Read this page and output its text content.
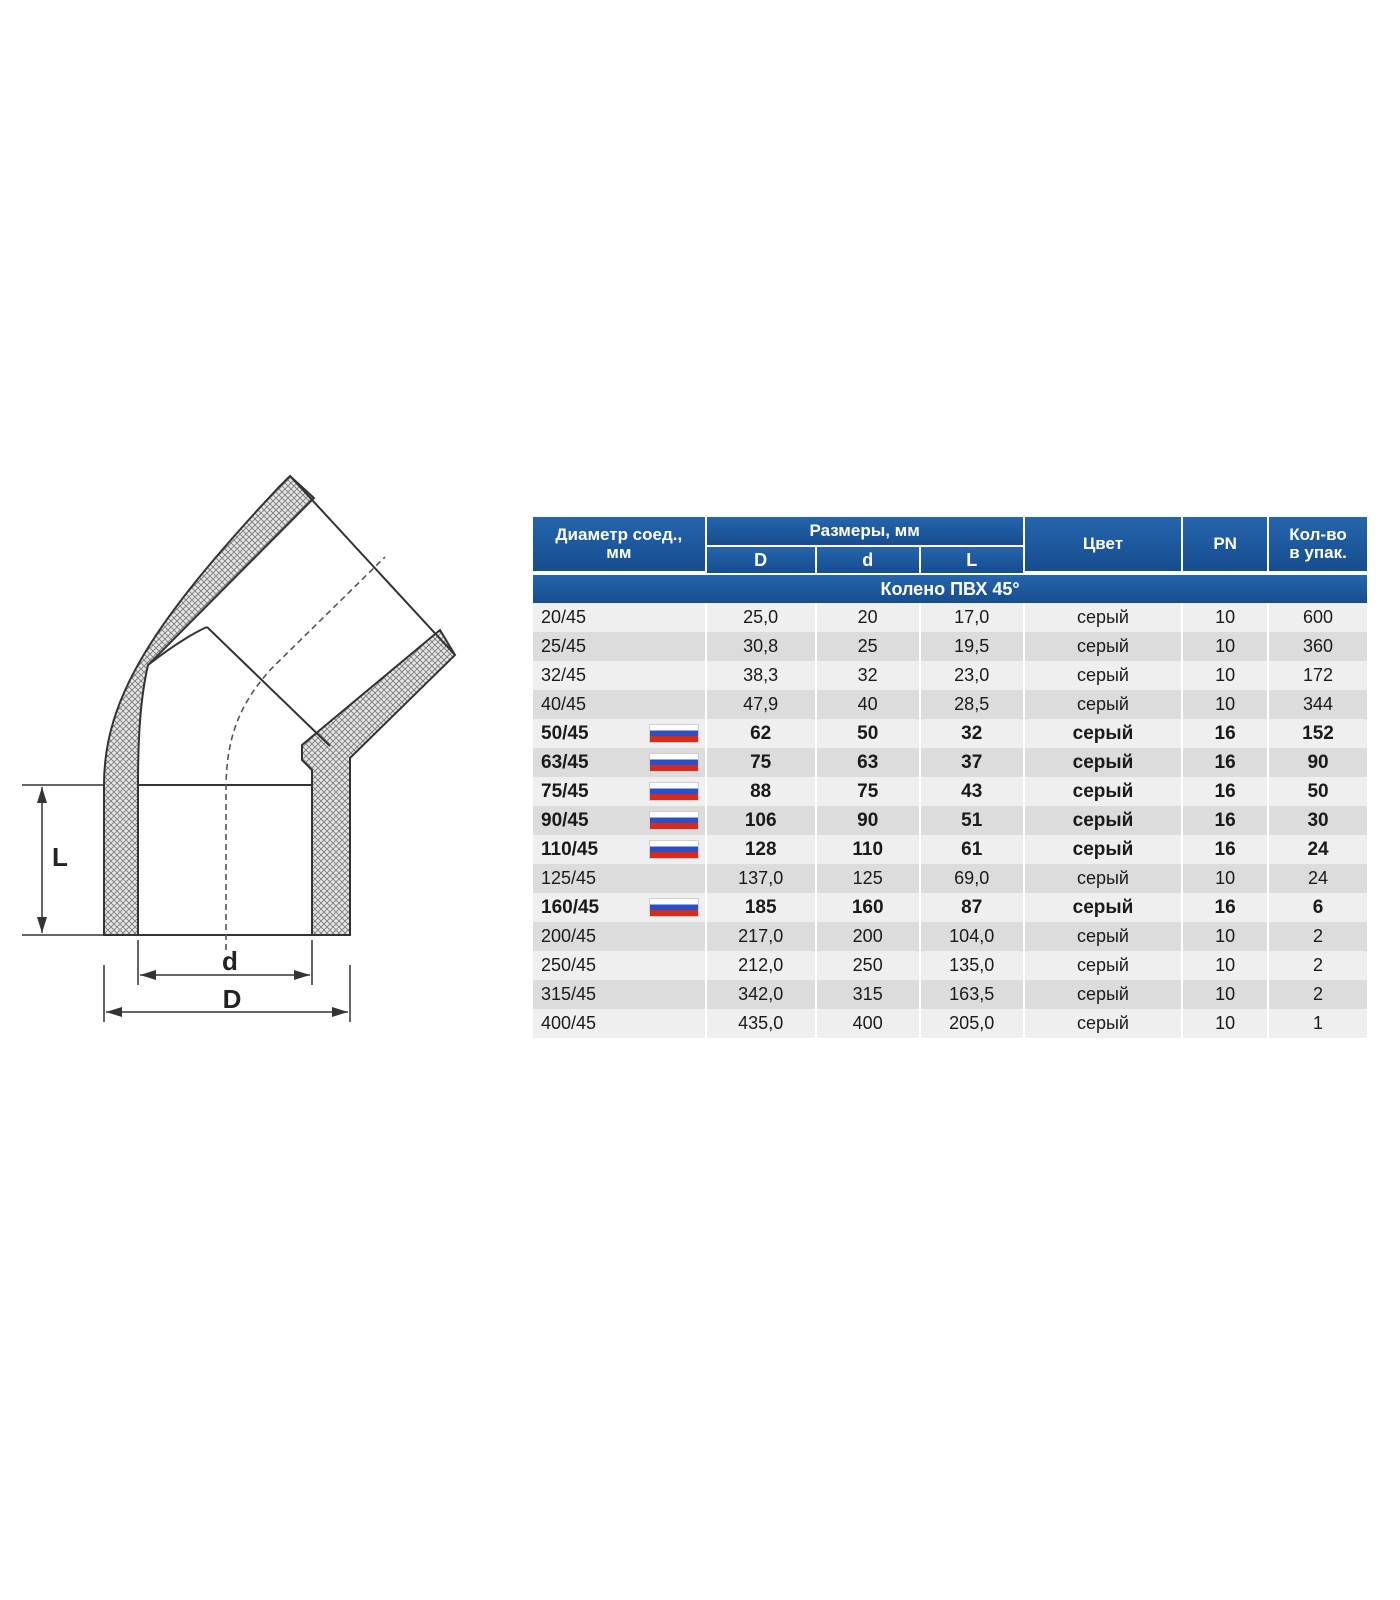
L
d
D
Диаметр соед.,
мм	Размеры, мм			Цвет	PN	Кол-во
в упак.
	D	d	L			
Колено ПВХ 45°						
20/45	25,0	20	17,0	серый	10	600
25/45	30,8	25	19,5	серый	10	360
32/45	38,3	32	23,0	серый	10	172
40/45	47,9	40	28,5	серый	10	344
50/45	62	50	32	серый	16	152
63/45	75	63	37	серый	16	90
75/45	88	75	43	серый	16	50
90/45	106	90	51	серый	16	30
110/45	128	110	61	серый	16	24
125/45	137,0	125	69,0	серый	10	24
160/45	185	160	87	серый	16	6
200/45	217,0	200	104,0	серый	10	2
250/45	212,0	250	135,0	серый	10	2
315/45	342,0	315	163,5	серый	10	2
400/45	435,0	400	205,0	серый	10	1
